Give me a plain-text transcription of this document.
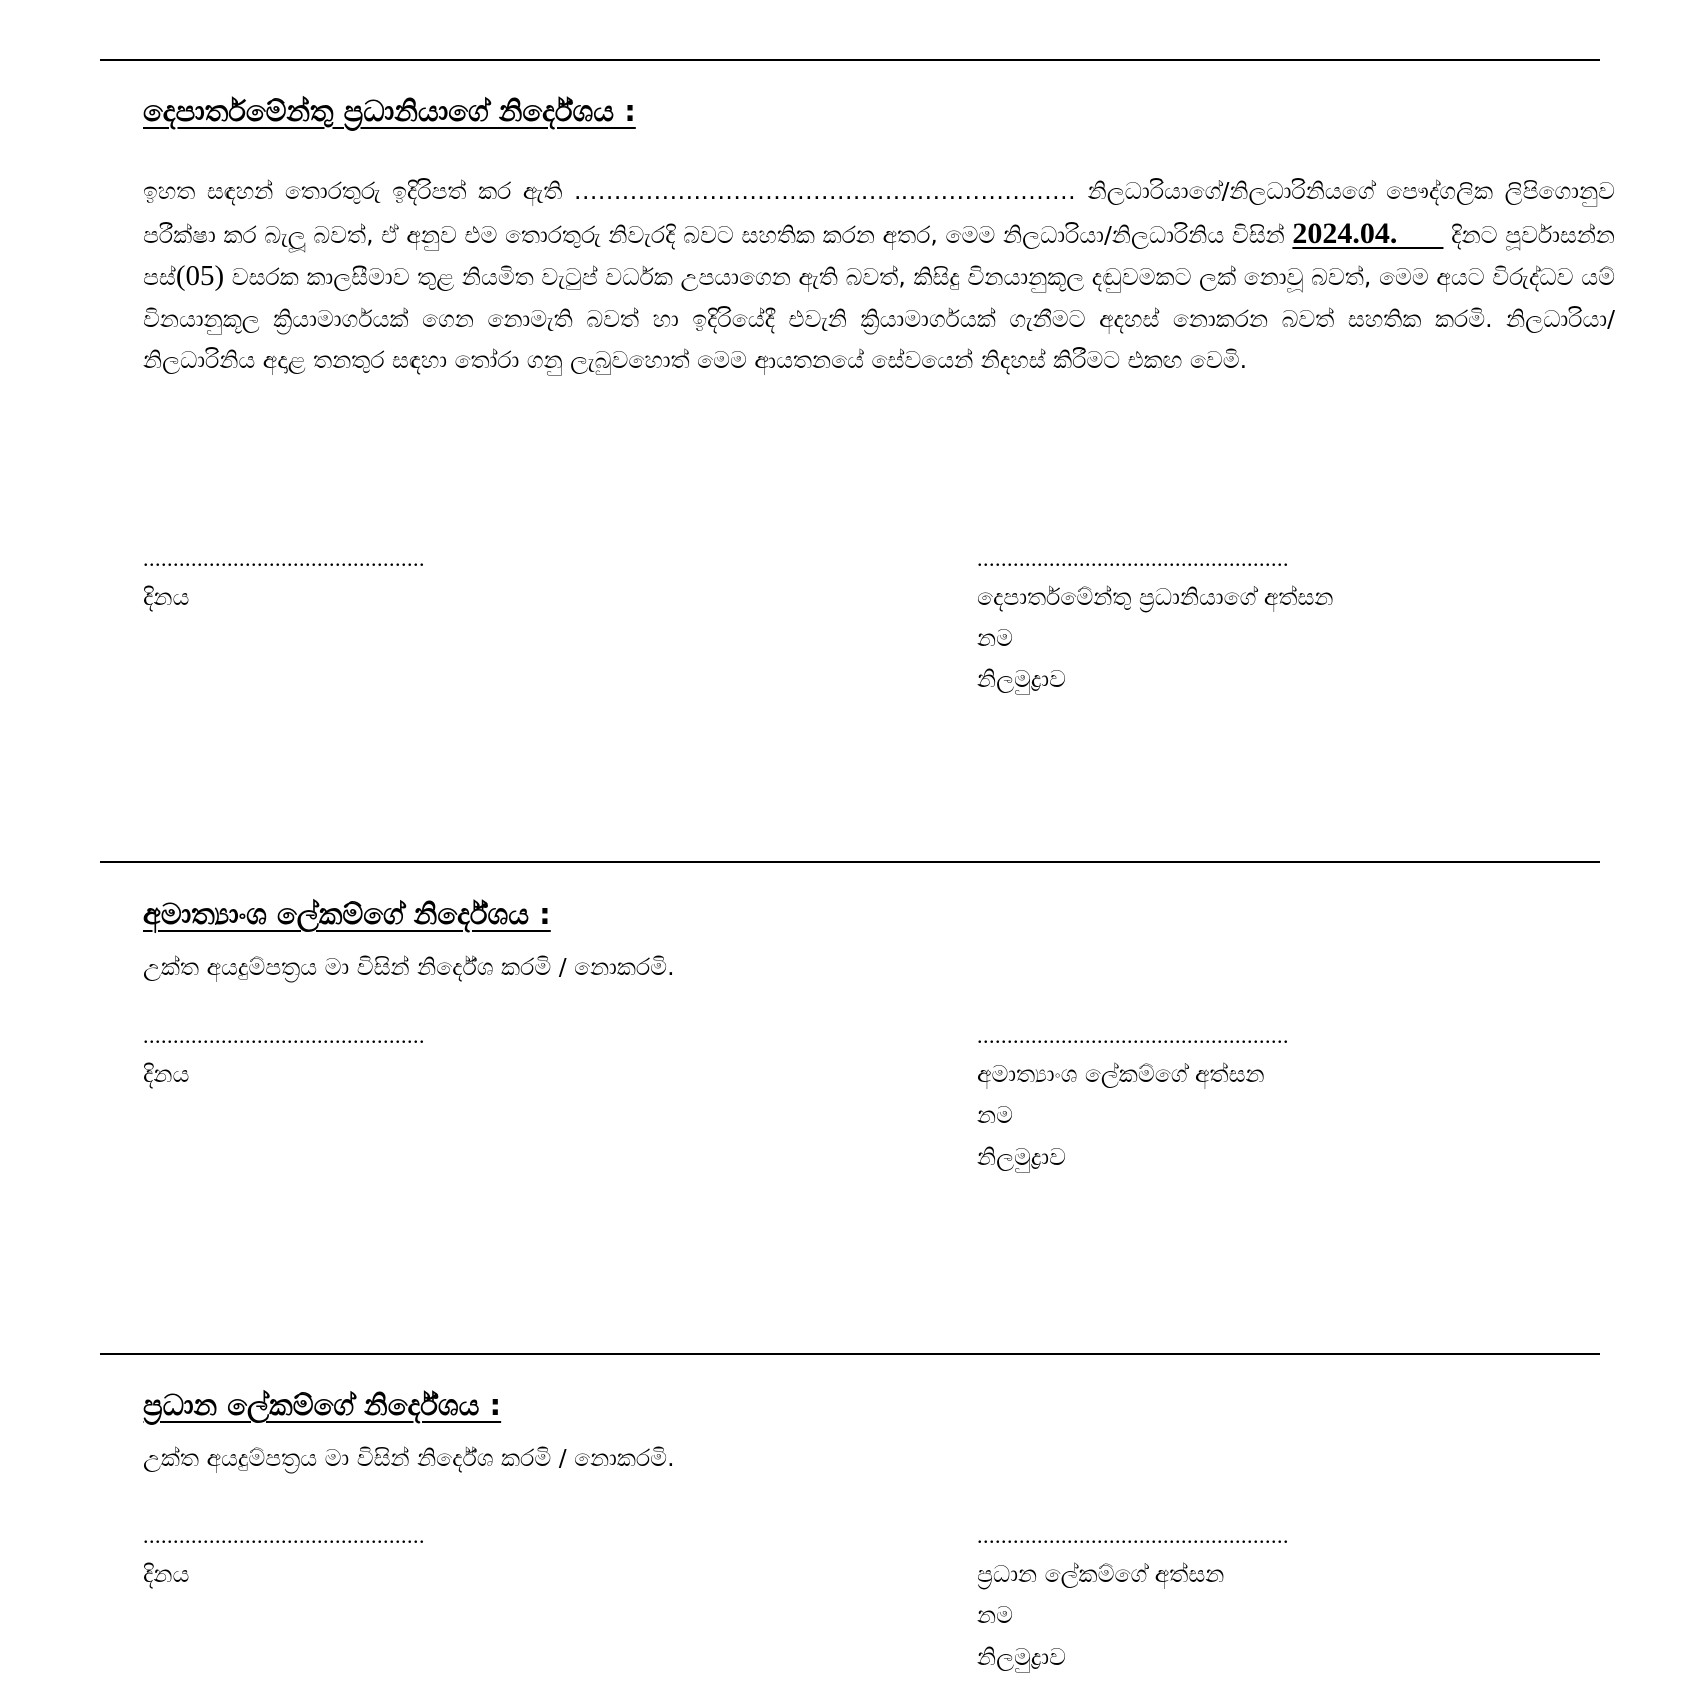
දෙපාර්තමේන්තු ප්‍රධානියාගේ නිර්දේශය :
ඉහත සඳහන් තොරතුරු ඉදිරිපත් කර ඇති ............................................................... නිලධාරියාගේ/නිලධාරිනියගේ පෞද්ගලික ලිපිගොනුව පරීක්ෂා කර බැලූ බවත්, ඒ අනුව එම තොරතුරු නිවැරදි බවට සහතික කරන අතර, මෙම නිලධාරියා/නිලධාරිනිය විසින් 2024.04.       දිනට පූර්වාසන්න පස්(05) වසරක කාලසීමාව තුළ නියමිත වැටුප් වර්ධක උපයාගෙන ඇති බවත්, කිසිදු විනයානුකූල දඬුවමකට ලක් නොවූ බවත්, මෙම අයට විරුද්ධව යම් විනයානුකූල ක්‍රියාමාර්ගයක් ගෙන නොමැති බවත් හා ඉදිරියේදී එවැනි ක්‍රියාමාර්ගයක් ගැනීමට අදහස් නොකරන බවත් සහතික කරමි. නිලධාරියා/නිලධාරිනිය අදාළ තනතුර සඳහා තෝරා ගනු ලැබුවහොත් මෙම ආයතනයේ සේවයෙන් නිදහස් කිරීමට එකඟ වෙමි.
...............................................
දිනය
....................................................
දෙපාර්තමේන්තු ප්‍රධානියාගේ අත්සන
නම
නිලමුද්‍රාව
අමාත්‍යාංශ ලේකම්ගේ නිර්දේශය :
උක්ත අයදුම්පත්‍රය මා විසින් නිර්දේශ කරමි / නොකරමි.
...............................................
දිනය
....................................................
අමාත්‍යාංශ ලේකම්ගේ අත්සන
නම
නිලමුද්‍රාව
ප්‍රධාන ලේකම්ගේ නිර්දේශය :
උක්ත අයදුම්පත්‍රය මා විසින් නිර්දේශ කරමි / නොකරමි.
...............................................
දිනය
....................................................
ප්‍රධාන ලේකම්ගේ අත්සන
නම
නිලමුද්‍රාව
